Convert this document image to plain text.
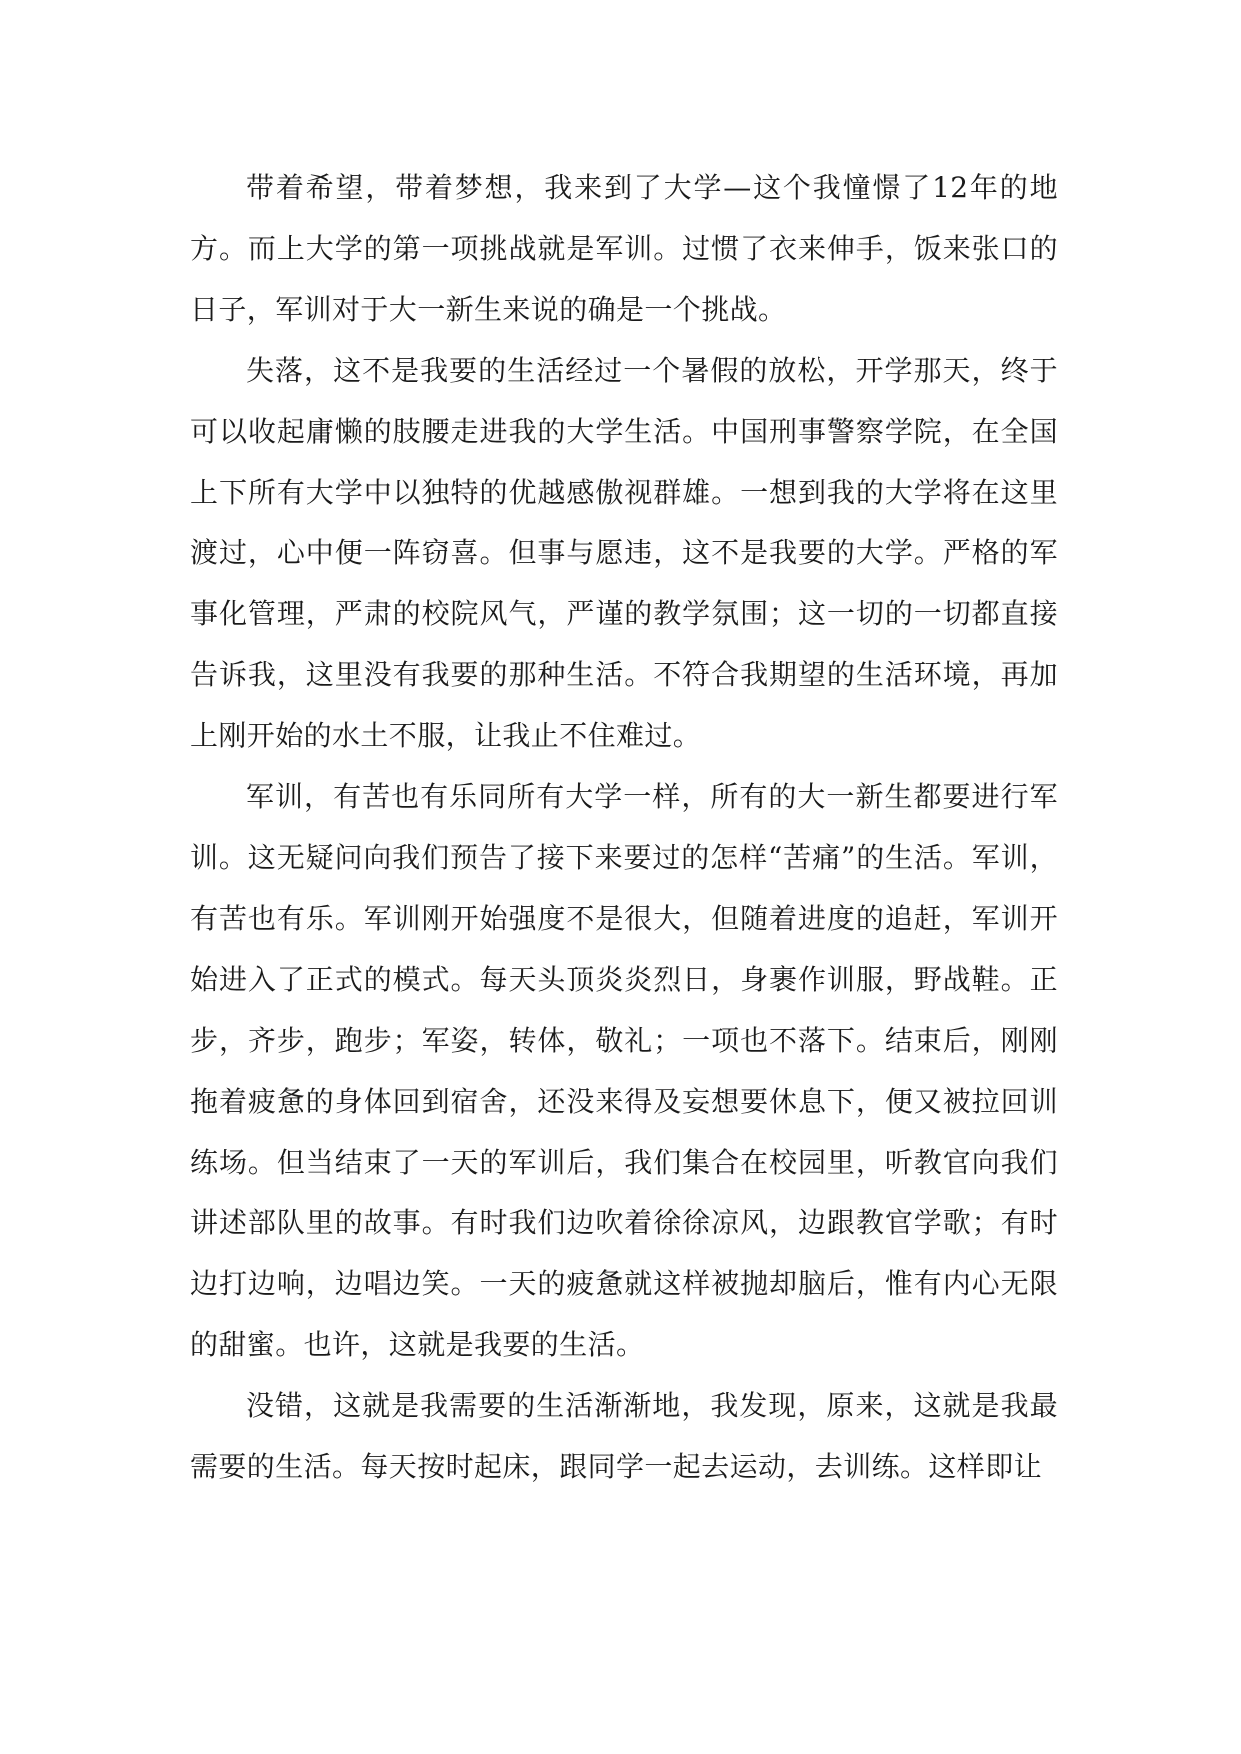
带着希望，带着梦想，我来到了大学—这个我憧憬了12年的地方。而上大学的第一项挑战就是军训。过惯了衣来伸手，饭来张口的日子，军训对于大一新生来说的确是一个挑战。

失落，这不是我要的生活经过一个暑假的放松，开学那天，终于可以收起庸懒的肢腰走进我的大学生活。中国刑事警察学院，在全国上下所有大学中以独特的优越感傲视群雄。一想到我的大学将在这里渡过，心中便一阵窃喜。但事与愿违，这不是我要的大学。严格的军事化管理，严肃的校院风气，严谨的教学氛围；这一切的一切都直接告诉我，这里没有我要的那种生活。不符合我期望的生活环境，再加上刚开始的水土不服，让我止不住难过。

军训，有苦也有乐同所有大学一样，所有的大一新生都要进行军训。这无疑问向我们预告了接下来要过的怎样“苦痛”的生活。军训，有苦也有乐。军训刚开始强度不是很大，但随着进度的追赶，军训开始进入了正式的模式。每天头顶炎炎烈日，身裹作训服，野战鞋。正步，齐步，跑步；军姿，转体，敬礼；一项也不落下。结束后，刚刚拖着疲惫的身体回到宿舍，还没来得及妄想要休息下，便又被拉回训练场。但当结束了一天的军训后，我们集合在校园里，听教官向我们讲述部队里的故事。有时我们边吹着徐徐凉风，边跟教官学歌；有时边打边响，边唱边笑。一天的疲惫就这样被抛却脑后，惟有内心无限的甜蜜。也许，这就是我要的生活。

没错，这就是我需要的生活渐渐地，我发现，原来，这就是我最需要的生活。每天按时起床，跟同学一起去运动，去训练。这样即让
